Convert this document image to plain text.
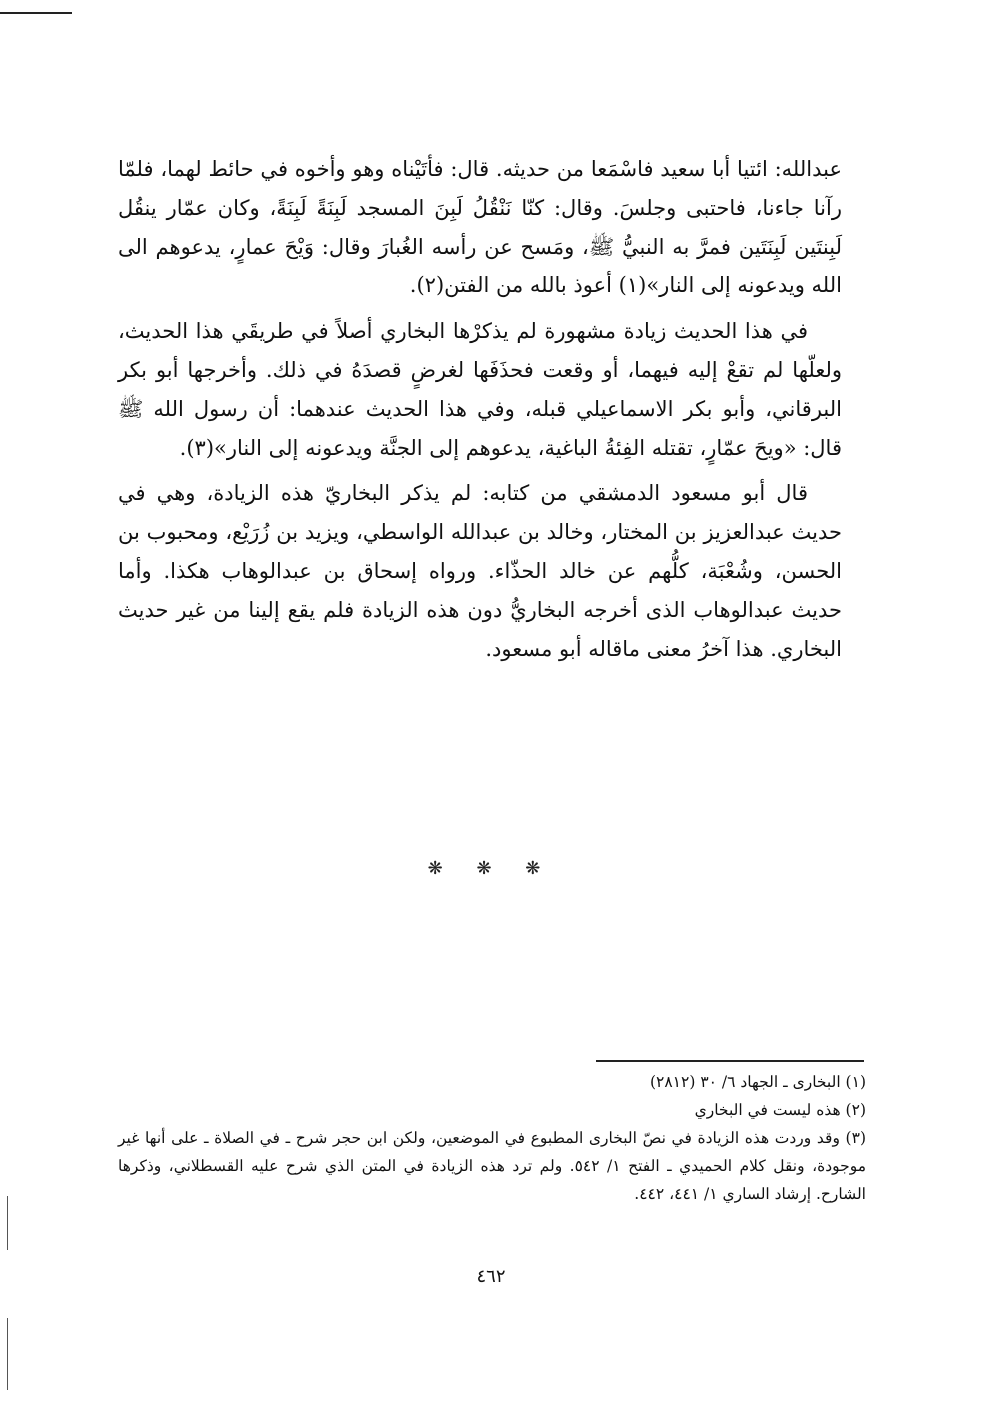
عبدالله: ائتيا أبا سعيد فاسْمَعا من حديثه. قال: فأتَيْناه وهو وأخوه في حائط لهما، فلمّا رآنا جاءنا، فاحتبى وجلسَ. وقال: كنّا نَنْقُلُ لَبِنَ المسجد لَبِنَةً لَبِنَةً، وكان عمّار ينقُل لَبِنتَين لَبِنَتَين فمرَّ به النبيُّ ﷺ، ومَسح عن رأسه الغُبارَ وقال: وَيْحَ عمارٍ، يدعوهم الى الله ويدعونه إلى النار»(١) أعوذ بالله من الفتن(٢).

في هذا الحديث زيادة مشهورة لم يذكرْها البخاري أصلاً في طريقَي هذا الحديث، ولعلّها لم تقعْ إليه فيهما، أو وقعت فحذَفَها لغرضٍ قصدَهُ في ذلك. وأخرجها أبو بكر البرقاني، وأبو بكر الاسماعيلي قبله، وفي هذا الحديث عندهما: أن رسول الله ﷺ قال: «ويحَ عمّارٍ، تقتله الفِئةُ الباغية، يدعوهم إلى الجنَّة ويدعونه إلى النار»(٣).

قال أبو مسعود الدمشقي من كتابه: لم يذكر البخاريّ هذه الزيادة، وهي في حديث عبدالعزيز بن المختار، وخالد بن عبدالله الواسطي، ويزيد بن زُرَيْع، ومحبوب بن الحسن، وشُعْبَة، كلُّهم عن خالد الحذّاء. ورواه إسحاق بن عبدالوهاب هكذا. وأما حديث عبدالوهاب الذى أخرجه البخاريُّ دون هذه الزيادة فلم يقع إلينا من غير حديث البخاري. هذا آخرُ معنى ماقاله أبو مسعود.

❋ ❋ ❋

(١) البخارى ـ الجهاد ٦/ ٣٠ (٢٨١٢)

(٢) هذه ليست في البخاري

(٣) وقد وردت هذه الزيادة في نصّ البخارى المطبوع في الموضعين، ولكن ابن حجر شرح ـ في الصلاة ـ على أنها غير موجودة، ونقل كلام الحميدي ـ الفتح ١/ ٥٤٢. ولم ترد هذه الزيادة في المتن الذي شرح عليه القسطلاني، وذكرها الشارح. إرشاد الساري ١/ ٤٤١، ٤٤٢.

٤٦٢
